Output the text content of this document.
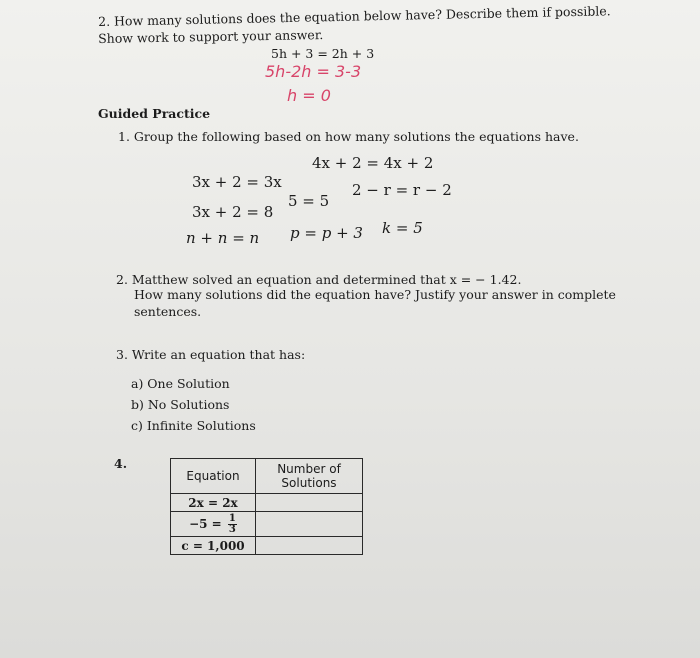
2. How many solutions does the equation below have? Describe them if possible.
Show work to support your answer.
5h + 3 = 2h + 3
5h-2h = 3-3
h = 0
Guided Practice
1. Group the following based on how many solutions the equations have.
4x + 2 = 4x + 2
3x + 2 = 3x
5 = 5
2 − r = r − 2
3x + 2 = 8
n + n = n p = p + 3 k = 5
2. Matthew solved an equation and determined that x = − 1.42.
How many solutions did the equation have? Justify your answer in complete
sentences.
3. Write an equation that has:
a) One Solution
b) No Solutions
c) Infinite Solutions
4.
Equation	Number of
Solutions

2x = 2x	
$-5 = \frac{1}{3}$

c = 1,000	
